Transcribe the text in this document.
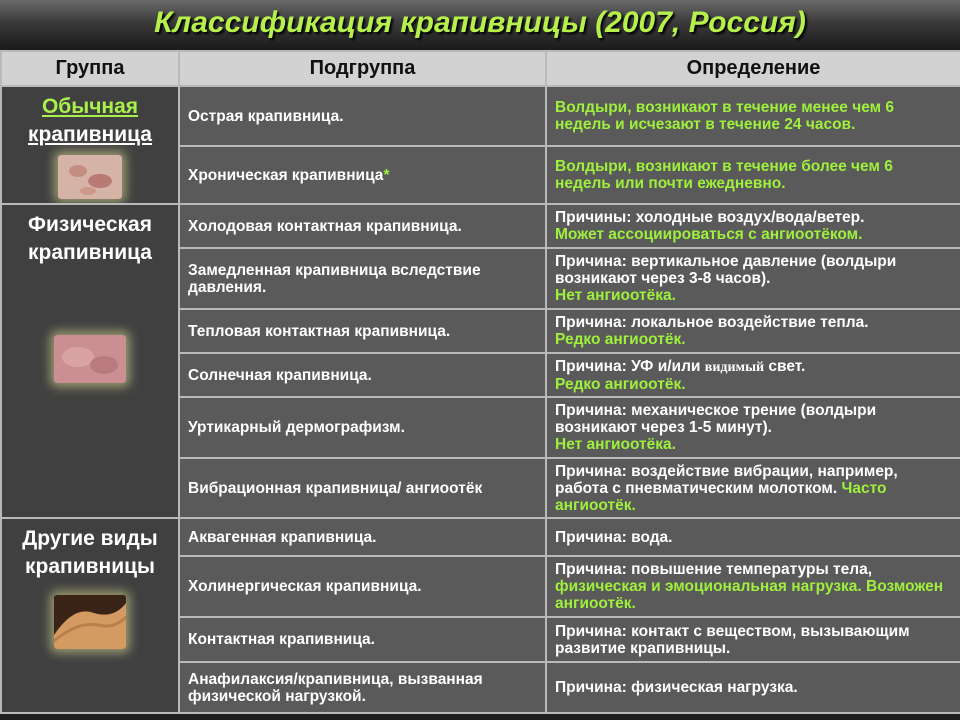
Классификация крапивницы (2007, Россия)
Группа	Подгруппа	Определение

Обычная
крапивница	Острая крапивница.	Волдыри, возникают в течение менее чем 6 недель и исчезают в течение 24 часов.
	Хроническая крапивница*	Волдыри, возникают в течение более чем 6 недель или почти ежедневно.

Физическая
крапивница	Холодовая контактная крапивница.	Причины: холодные воздух/вода/ветер.
Может ассоциироваться с ангиоотёком.
	Замедленная крапивница вследствие давления.	Причина: вертикальное давление (волдыри возникают через 3-8 часов).
Нет ангиоотёка.
	Тепловая контактная крапивница.	Причина: локальное воздействие тепла.
Редко ангиоотёк.
	Солнечная крапивница.	Причина: УФ и/или видимый свет.
Редко ангиоотёк.
	Уртикарный дермографизм.	Причина: механическое трение (волдыри возникают через 1-5 минут).
Нет ангиоотёка.
	Вибрационная крапивница/ ангиоотёк	Причина: воздействие вибрации, например, работа с пневматическим молотком. Часто ангиоотёк.

Другие виды
крапивницы	Аквагенная крапивница.	Причина: вода.
	Холинергическая крапивница.	Причина: повышение температуры тела,
физическая и эмоциональная нагрузка. Возможен ангиоотёк.
	Контактная крапивница.	Причина: контакт с веществом, вызывающим развитие крапивницы.
	Анафилаксия/крапивница, вызванная физической нагрузкой.	Причина: физическая нагрузка.
